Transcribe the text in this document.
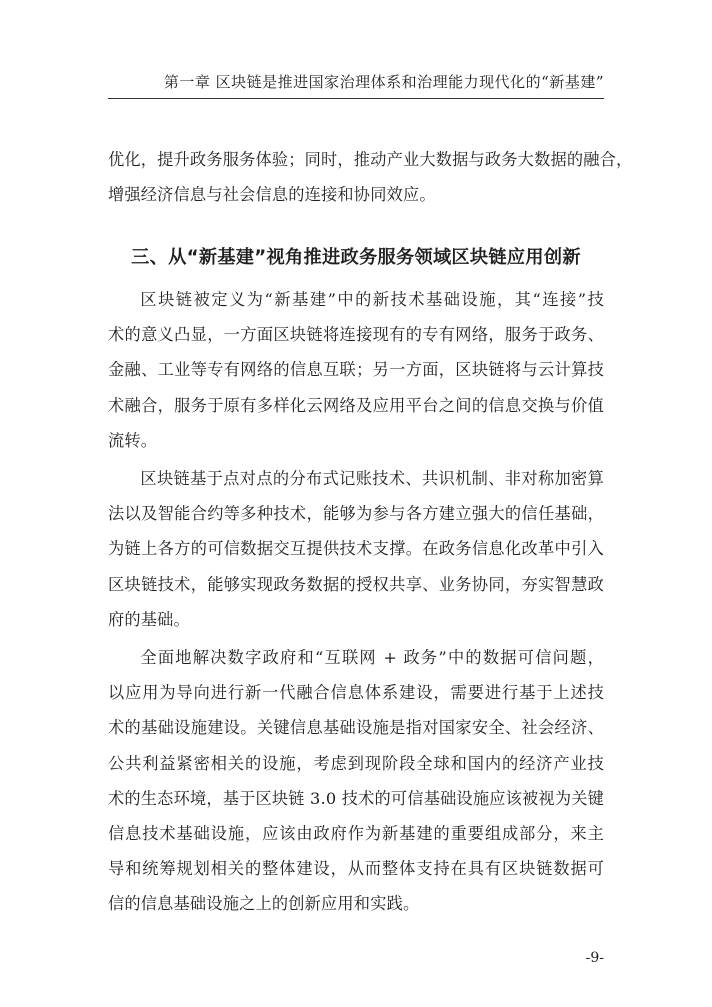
第一章 区块链是推进国家治理体系和治理能力现代化的“新基建”
优化，提升政务服务体验；同时，推动产业大数据与政务大数据的融合，
增强经济信息与社会信息的连接和协同效应。
三、从“新基建”视角推进政务服务领域区块链应用创新
区块链被定义为“新基建”中的新技术基础设施，其“连接”技
术的意义凸显，一方面区块链将连接现有的专有网络，服务于政务、
金融、工业等专有网络的信息互联；另一方面，区块链将与云计算技
术融合，服务于原有多样化云网络及应用平台之间的信息交换与价值
流转。
区块链基于点对点的分布式记账技术、共识机制、非对称加密算
法以及智能合约等多种技术，能够为参与各方建立强大的信任基础，
为链上各方的可信数据交互提供技术支撑。在政务信息化改革中引入
区块链技术，能够实现政务数据的授权共享、业务协同，夯实智慧政
府的基础。
全面地解决数字政府和“互联网 + 政务”中的数据可信问题，
以应用为导向进行新一代融合信息体系建设，需要进行基于上述技
术的基础设施建设。关键信息基础设施是指对国家安全、社会经济、
公共利益紧密相关的设施，考虑到现阶段全球和国内的经济产业技
术的生态环境，基于区块链 3.0 技术的可信基础设施应该被视为关键
信息技术基础设施，应该由政府作为新基建的重要组成部分，来主
导和统筹规划相关的整体建设，从而整体支持在具有区块链数据可
信的信息基础设施之上的创新应用和实践。
-9-
